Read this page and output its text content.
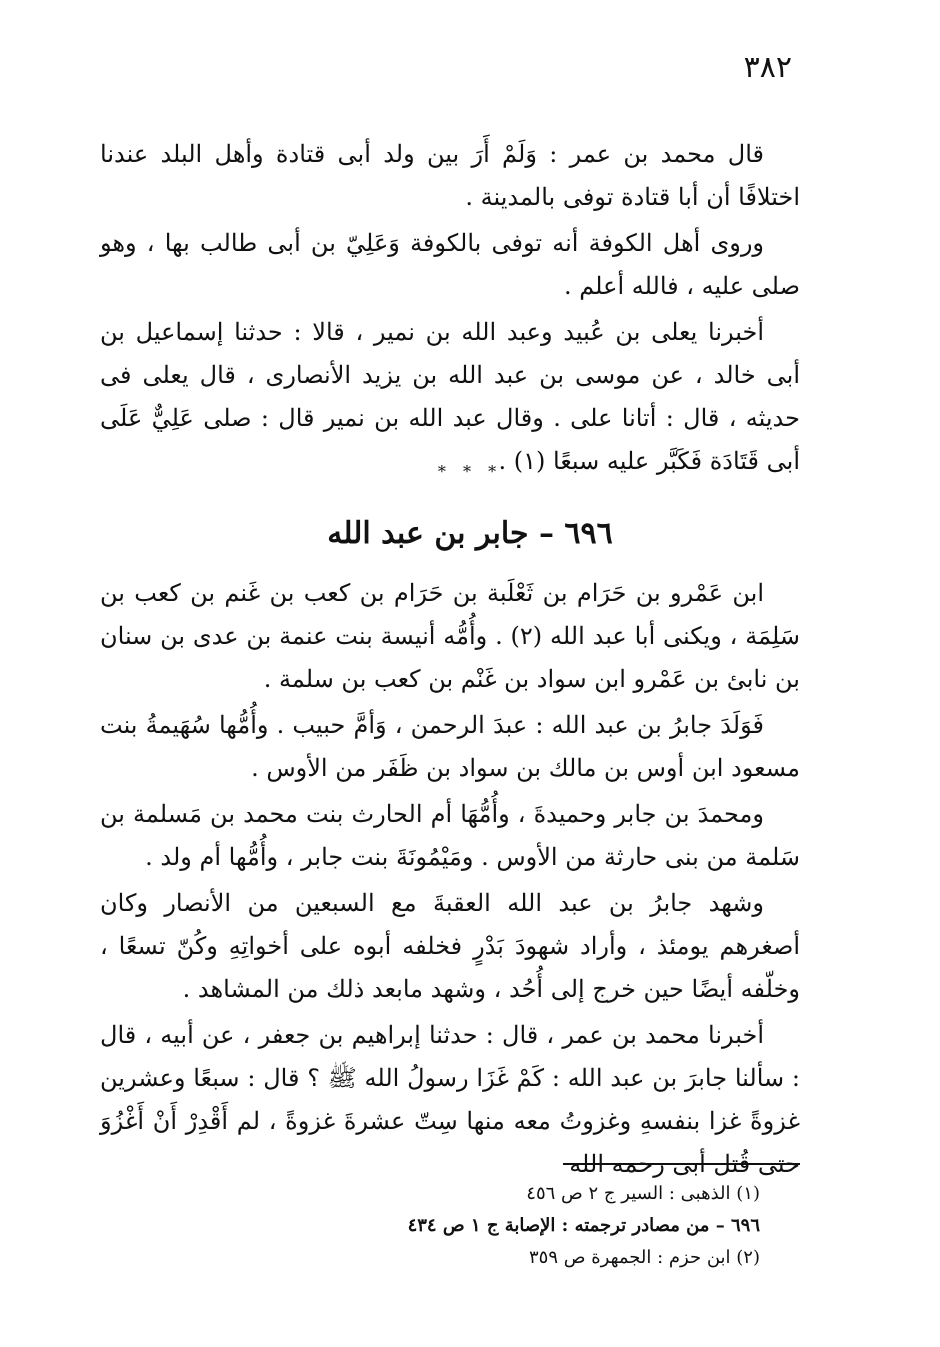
٣٨٢

قال محمد بن عمر : وَلَمْ أَرَ بين ولد أبى قتادة وأهل البلد عندنا اختلافًا أن أبا قتادة توفى بالمدينة .

وروى أهل الكوفة أنه توفى بالكوفة وَعَلِيّ بن أبى طالب بها ، وهو صلى عليه ، فالله أعلم .

أخبرنا يعلى بن عُبيد وعبد الله بن نمير ، قالا : حدثنا إسماعيل بن أبى خالد ، عن موسى بن عبد الله بن يزيد الأنصارى ، قال يعلى فى حديثه ، قال : أتانا على . وقال عبد الله بن نمير قال : صلى عَلِيٌّ عَلَى أبى قَتَادَة فَكَبَّر عليه سبعًا (١) .

* * *
٦٩٦ – جابر بن عبد الله

ابن عَمْرو بن حَرَام بن ثَعْلَبة بن حَرَام بن كعب بن غَنم بن كعب بن سَلِمَة ، ويكنى أبا عبد الله (٢) . وأُمُّه أنيسة بنت عنمة بن عدى بن سنان بن نابئ بن عَمْرو ابن سواد بن غَنْم بن كعب بن سلمة .

فَوَلَدَ جابرُ بن عبد الله : عبدَ الرحمن ، وَأمَّ حبيب . وأُمُّها سُهَيمةُ بنت مسعود ابن أوس بن مالك بن سواد بن ظَفَر من الأوس .

ومحمدَ بن جابر وحميدةَ ، وأُمُّهَا أم الحارث بنت محمد بن مَسلمة بن سَلمة من بنى حارثة من الأوس . ومَيْمُونَةَ بنت جابر ، وأُمُّها أم ولد .

وشهد جابرُ بن عبد الله العقبةَ مع السبعين من الأنصار وكان أصغرهم يومئذ ، وأراد شهودَ بَدْرٍ فخلفه أبوه على أخواتِهِ وكُنّ تسعًا ، وخلّفه أيضًا حين خرج إلى أُحُد ، وشهد مابعد ذلك من المشاهد .

أخبرنا محمد بن عمر ، قال : حدثنا إبراهيم بن جعفر ، عن أبيه ، قال : سألنا جابرَ بن عبد الله : كَمْ غَزَا رسولُ الله ﷺ ؟ قال : سبعًا وعشرين غزوةً غزا بنفسهِ وغزوتُ معه منها سِتّ عشرةَ غزوةً ، لم أَقْدِرْ أَنْ أَغْزُوَ حتى قُتل أبى رحمه الله

(١) الذهبى : السير ج ٢ ص ٤٥٦

٦٩٦ – من مصادر ترجمته : الإصابة ج ١ ص ٤٣٤

(٢) ابن حزم : الجمهرة ص ٣٥٩
